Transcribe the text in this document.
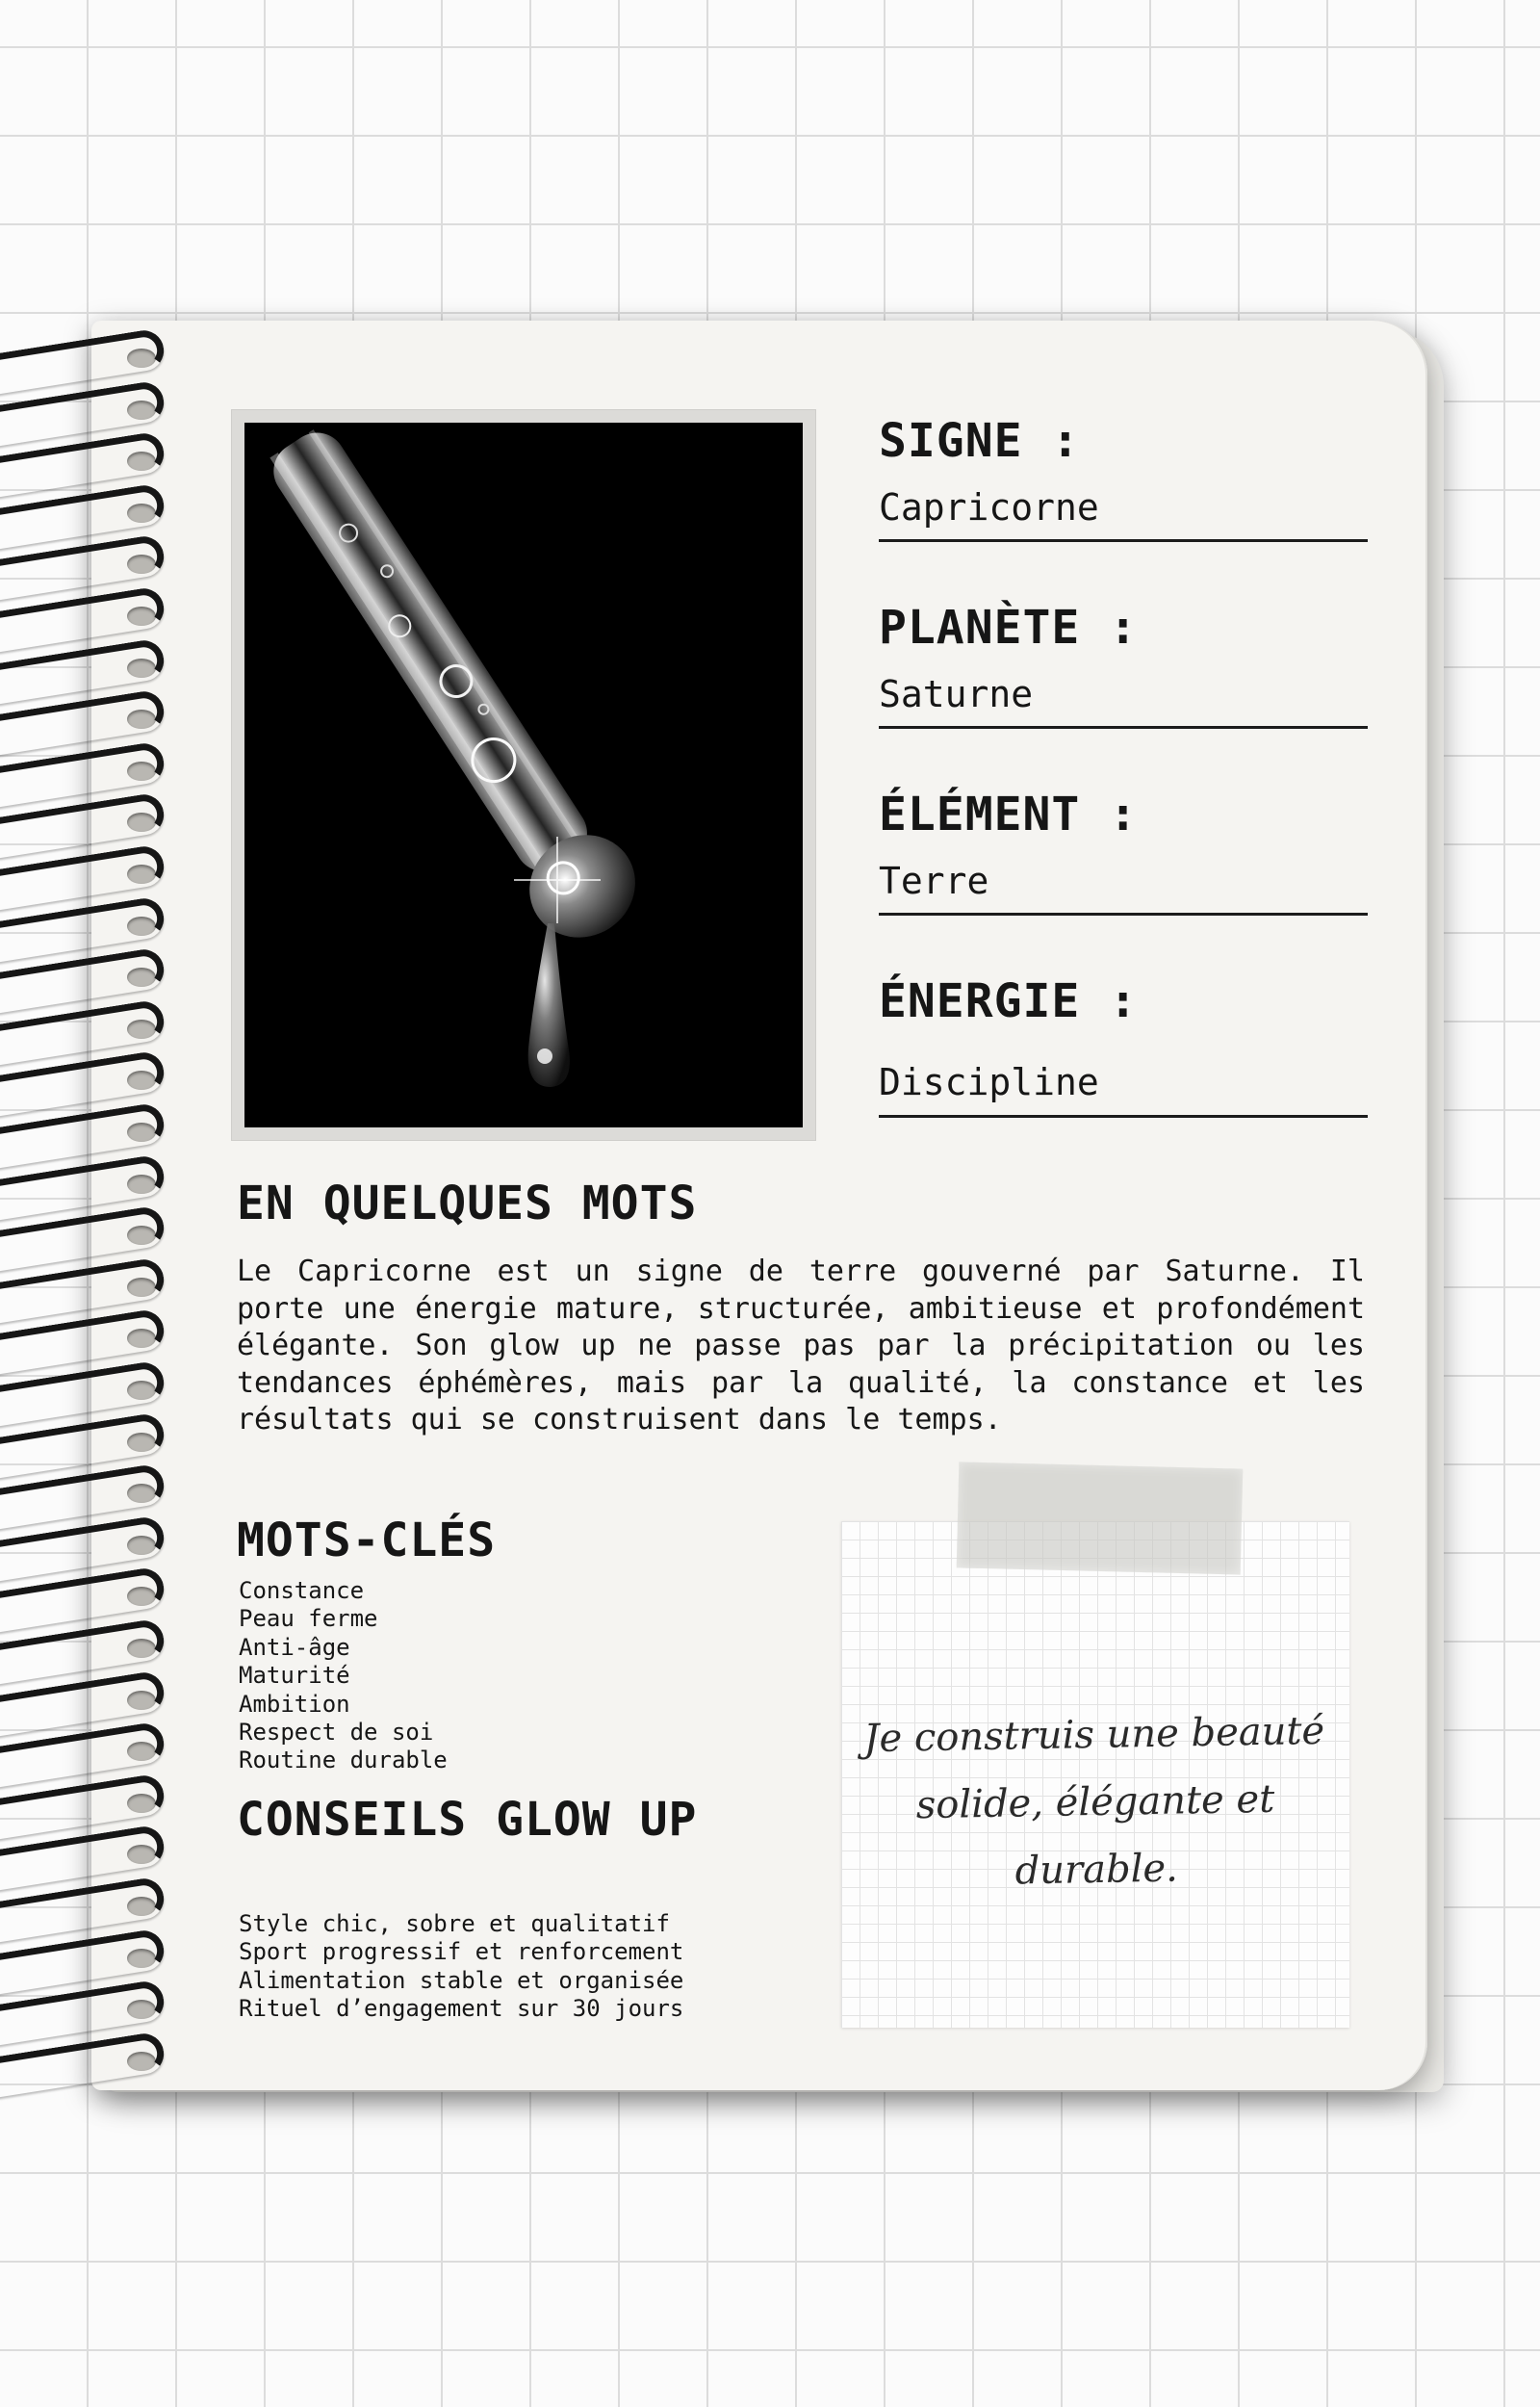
SIGNE :
Capricorne
PLANÈTE :
Saturne
ÉLÉMENT :
Terre
ÉNERGIE :
Discipline
EN QUELQUES MOTS

Le Capricorne est un signe de terre gouverné par Saturne. Il porte une énergie mature, structurée, ambitieuse et profondément élégante. Son glow up ne passe pas par la précipitation ou les tendances éphémères, mais par la qualité, la constance et les résultats qui se construisent dans le temps.

MOTS-CLÉS
Constance
Peau ferme
Anti-âge
Maturité
Ambition
Respect de soi
Routine durable
CONSEILS GLOW UP
Style chic, sobre et qualitatif
Sport progressif et renforcement
Alimentation stable et organisée
Rituel d’engagement sur 30 jours
Je construis une beauté
solide, élégante et durable.
